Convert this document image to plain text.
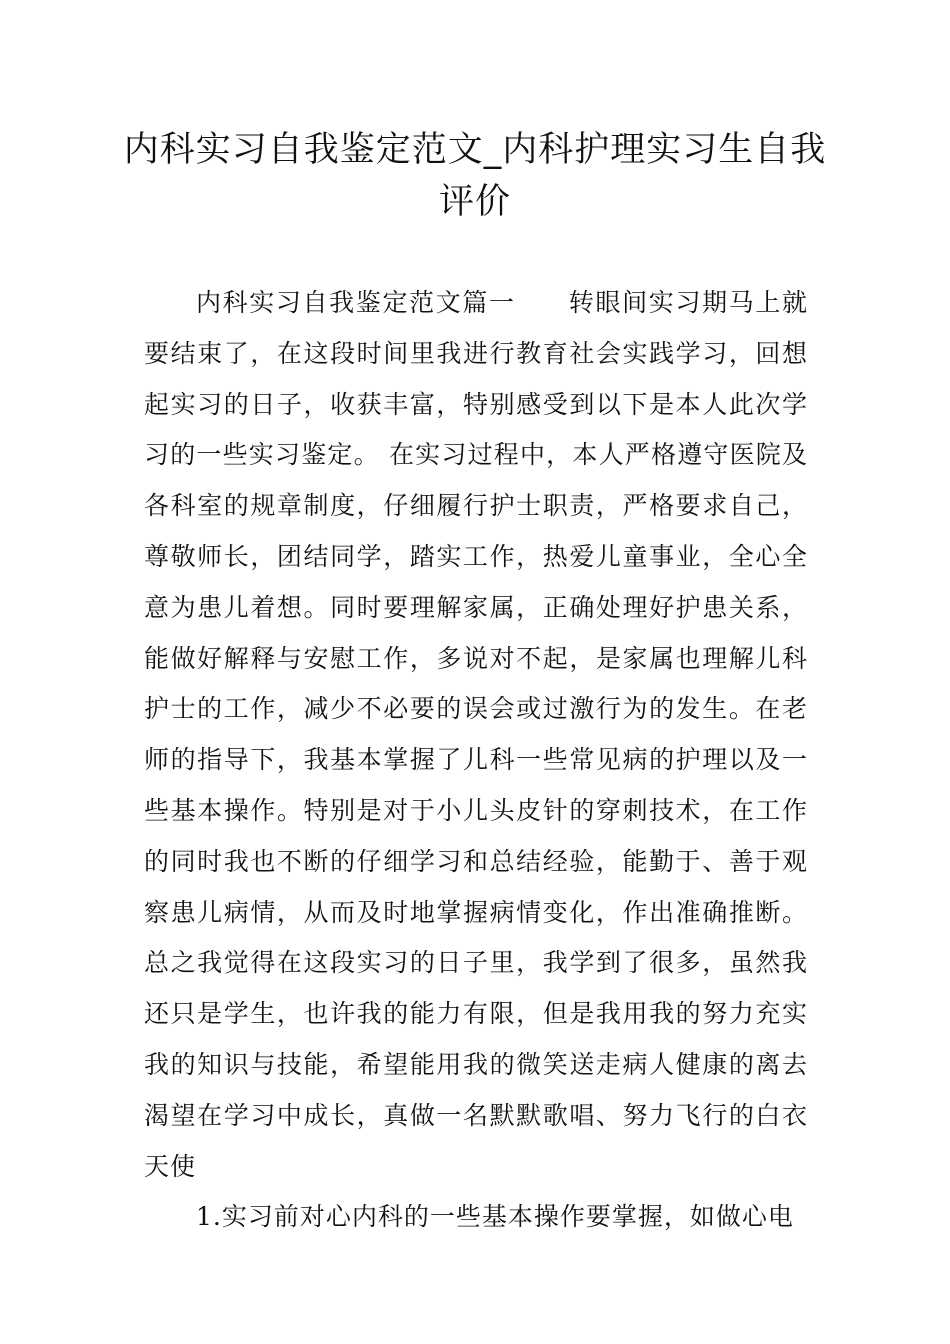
内科实习自我鉴定范文_内科护理实习生自我评价

内科实习自我鉴定范文篇一　　转眼间实习期马上就要结束了，在这段时间里我进行教育社会实践学习，回想起实习的日子，收获丰富，特别感受到以下是本人此次学习的一些实习鉴定。 在实习过程中，本人严格遵守医院及各科室的规章制度，仔细履行护士职责，严格要求自己，尊敬师长，团结同学，踏实工作，热爱儿童事业，全心全意为患儿着想。同时要理解家属，正确处理好护患关系，能做好解释与安慰工作，多说对不起，是家属也理解儿科护士的工作，减少不必要的误会或过激行为的发生。在老师的指导下，我基本掌握了儿科一些常见病的护理以及一些基本操作。特别是对于小儿头皮针的穿刺技术，在工作的同时我也不断的仔细学习和总结经验，能勤于、善于观察患儿病情，从而及时地掌握病情变化，作出准确推断。总之我觉得在这段实习的日子里，我学到了很多，虽然我还只是学生，也许我的能力有限，但是我用我的努力充实我的知识与技能，希望能用我的微笑送走病人健康的离去渴望在学习中成长，真做一名默默歌唱、努力飞行的白衣天使

1.实习前对心内科的一些基本操作要掌握，如做心电
